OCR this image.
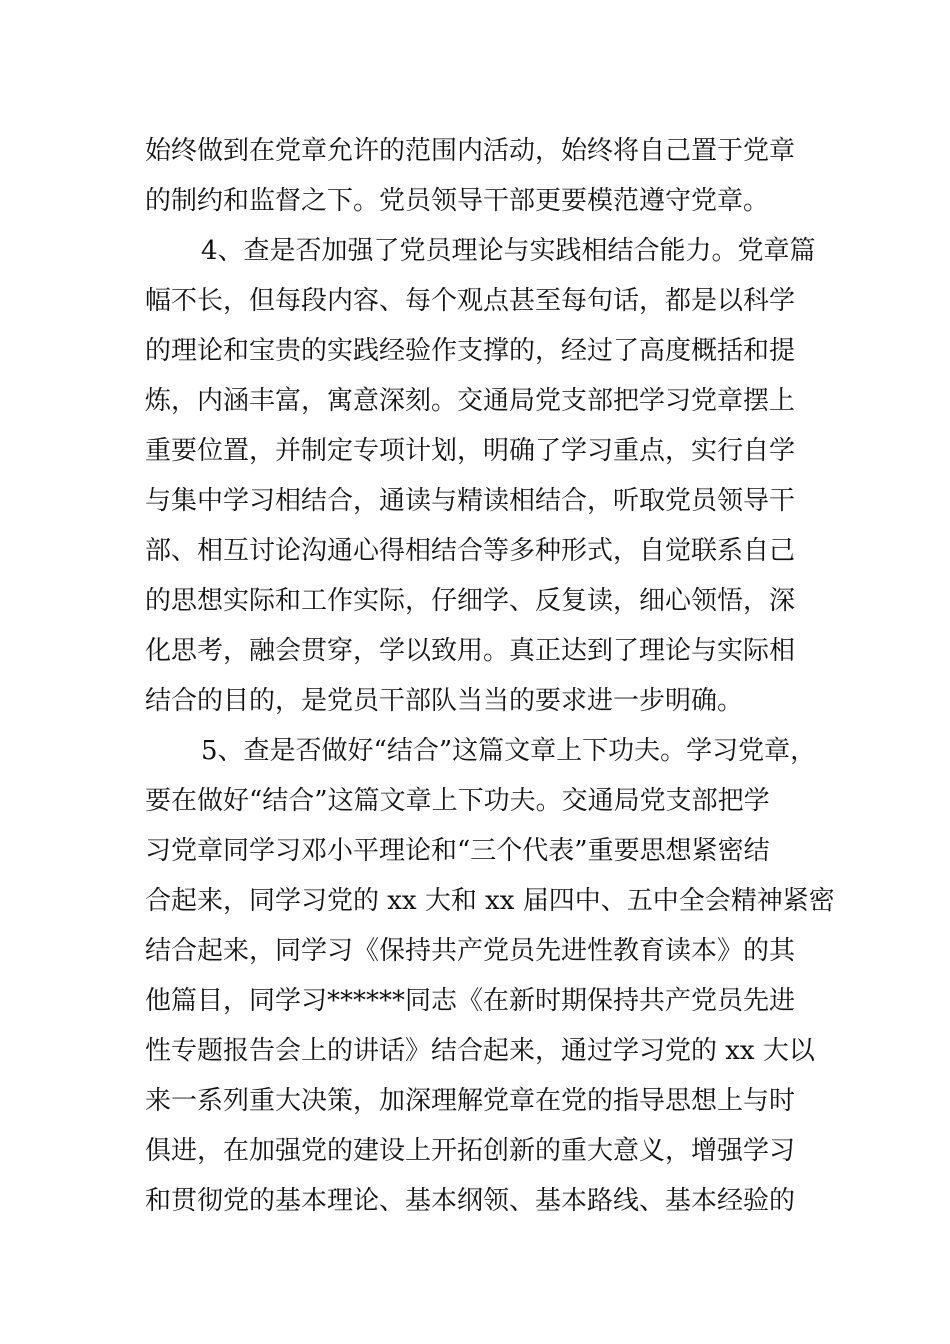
始终做到在党章允许的范围内活动，始终将自己置于党章
的制约和监督之下。党员领导干部更要模范遵守党章。
4、查是否加强了党员理论与实践相结合能力。党章篇
幅不长，但每段内容、每个观点甚至每句话，都是以科学
的理论和宝贵的实践经验作支撑的，经过了高度概括和提
炼，内涵丰富，寓意深刻。交通局党支部把学习党章摆上
重要位置，并制定专项计划，明确了学习重点，实行自学
与集中学习相结合，通读与精读相结合，听取党员领导干
部、相互讨论沟通心得相结合等多种形式，自觉联系自己
的思想实际和工作实际，仔细学、反复读，细心领悟，深
化思考，融会贯穿，学以致用。真正达到了理论与实际相
结合的目的，是党员干部队当当的要求进一步明确。
5、查是否做好“结合”这篇文章上下功夫。学习党章，
要在做好“结合”这篇文章上下功夫。交通局党支部把学
习党章同学习邓小平理论和“三个代表”重要思想紧密结
合起来，同学习党的 xx 大和 xx 届四中、五中全会精神紧密
结合起来，同学习《保持共产党员先进性教育读本》的其
他篇目，同学习******同志《在新时期保持共产党员先进
性专题报告会上的讲话》结合起来，通过学习党的 xx 大以
来一系列重大决策，加深理解党章在党的指导思想上与时
俱进，在加强党的建设上开拓创新的重大意义，增强学习
和贯彻党的基本理论、基本纲领、基本路线、基本经验的
